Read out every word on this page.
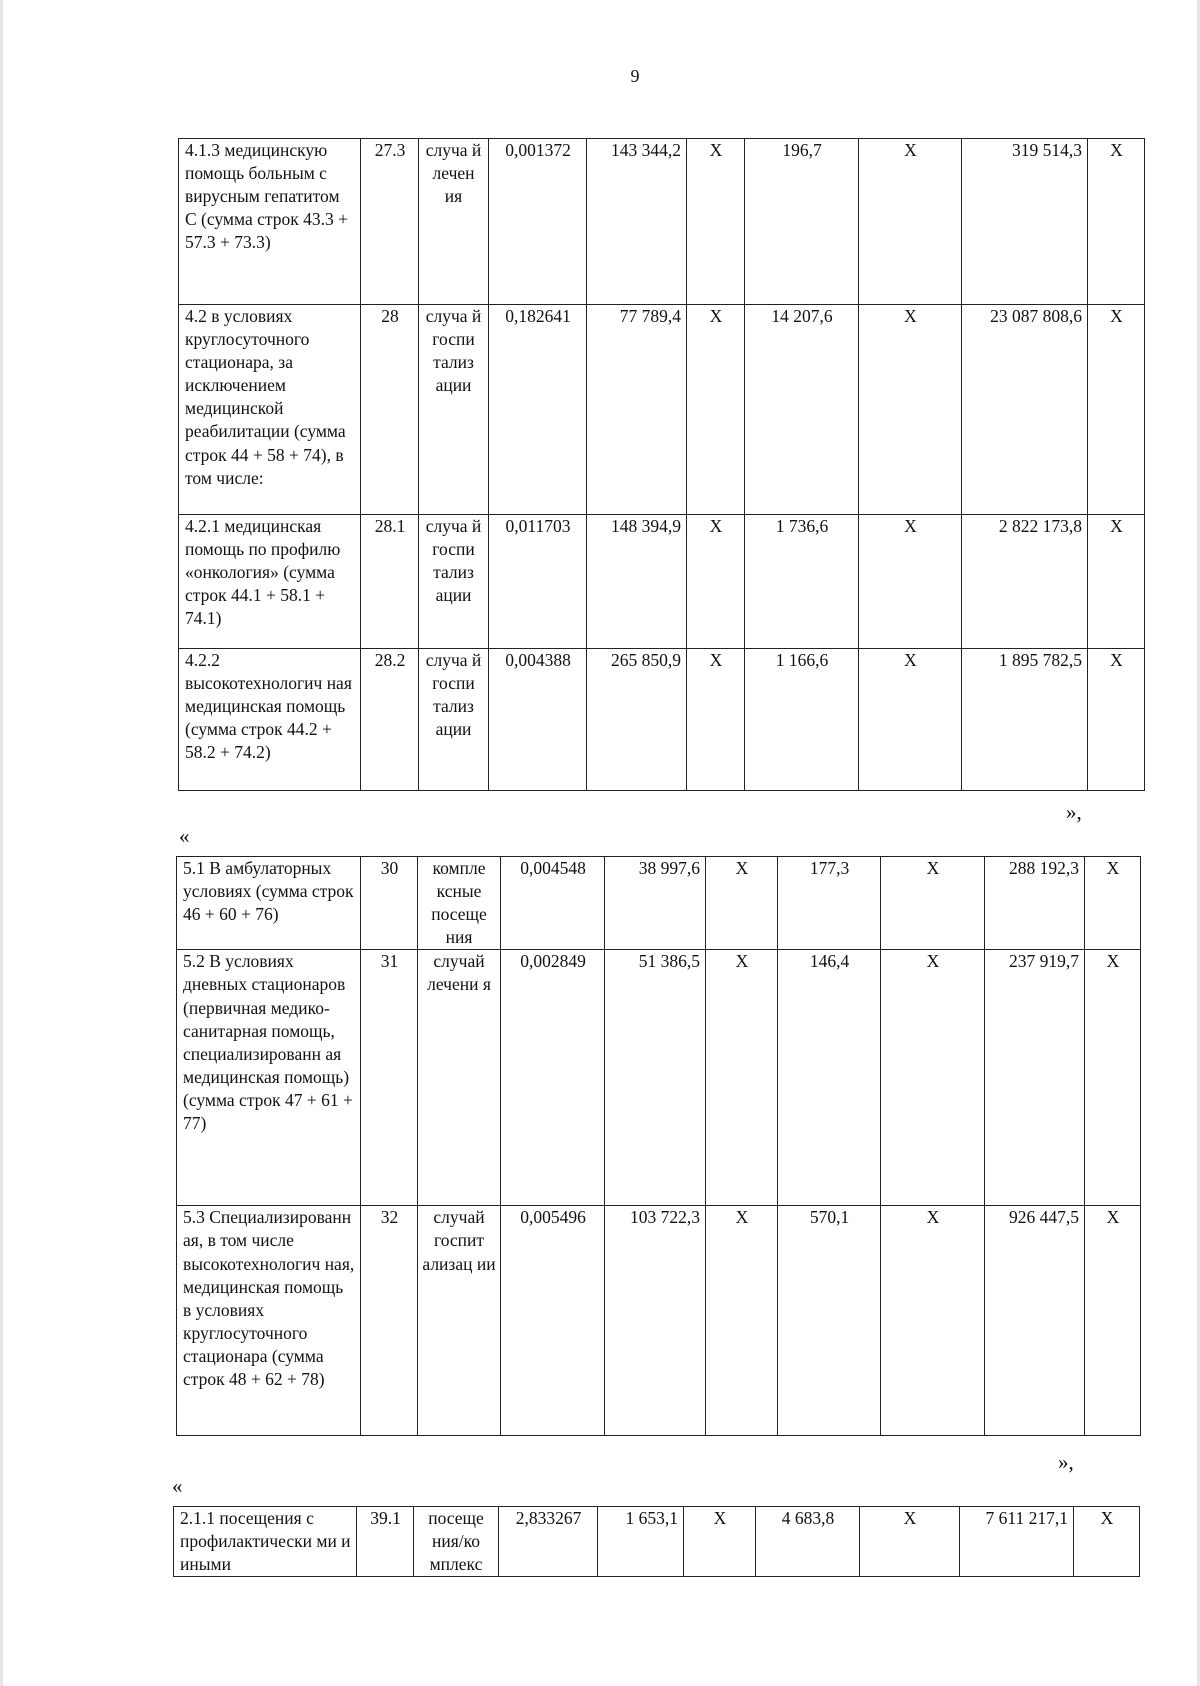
9
4.1.3 медицинскую помощь больным с вирусным гепатитом С (сумма строк 43.3 + 57.3 + 73.3)	27.3	случа й лечен ия	0,001372	143 344,2	X	196,7	X	319 514,3	X
4.2 в условиях круглосуточного стационара, за исключением медицинской реабилитации (сумма строк 44 + 58 + 74), в том числе:	28	случа й госпи тализ ации	0,182641	77 789,4	X	14 207,6	X	23 087 808,6	X
4.2.1 медицинская помощь по профилю «онкология» (сумма строк 44.1 + 58.1 + 74.1)	28.1	случа й госпи тализ ации	0,011703	148 394,9	X	1 736,6	X	2 822 173,8	X
4.2.2 высокотехнологич ная медицинская помощь (сумма строк 44.2 + 58.2 + 74.2)	28.2	случа й госпи тализ ации	0,004388	265 850,9	X	1 166,6	X	1 895 782,5	X
»,
«
5.1 В амбулаторных условиях (сумма строк 46 + 60 + 76)	30	компле ксные посеще ния	0,004548	38 997,6	X	177,3	X	288 192,3	X
5.2 В условиях дневных стационаров (первичная медико-санитарная помощь, специализированн ая медицинская помощь) (сумма строк 47 + 61 + 77)	31	случай лечени я	0,002849	51 386,5	X	146,4	X	237 919,7	X
5.3 Специализированн ая, в том числе высокотехнологич ная, медицинская помощь в условиях круглосуточного стационара (сумма строк 48 + 62 + 78)	32	случай госпит ализац ии	0,005496	103 722,3	X	570,1	X	926 447,5	X
»,
«
2.1.1 посещения с профилактически ми и иными	39.1	посеще ния/ко мплекс	2,833267	1 653,1	X	4 683,8	X	7 611 217,1	X
